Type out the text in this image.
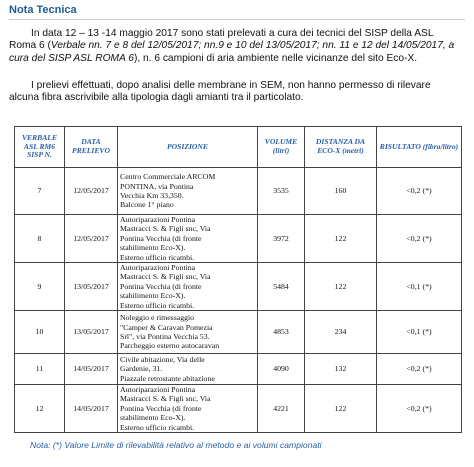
Nota Tecnica

In data 12 – 13 -14 maggio 2017 sono stati prelevati a cura dei tecnici del SISP della ASL Roma 6 (Verbale nn. 7 e 8 del 12/05/2017; nn.9 e 10 del 13/05/2017; nn. 11 e 12 del 14/05/2017, a cura del SISP ASL ROMA 6), n. 6 campioni di aria ambiente nelle vicinanze del sito Eco-X.

I prelievi effettuati, dopo analisi delle membrane in SEM, non hanno permesso di rilevare alcuna fibra ascrivibile alla tipologia dagli amianti tra il particolato.

VERBALE ASL RM6 SISP N.	DATA PRELIEVO	POSIZIONE	VOLUME (litri)	DISTANZA DA ECO-X (metri)	RISULTATO (fibra/litro)
7	12/05/2017	Centro Commerciale ARCOM
PONTINA, via Pontina
Vecchia Km 33,350.
Balcone 1° piano	3535	160	<0,2 (*)
8	12/05/2017	Autoriparazioni Pontina
Mastracci S. & Figli snc, Via
Pontina Vecchia (di fronte
stabilimento Eco-X).
Esterno ufficio ricambi.	3972	122	<0,2 (*)
9	13/05/2017	Autoriparazioni Pontina
Mastracci S. & Figli snc, Via
Pontina Vecchia (di fronte
stabilimento Eco-X).
Esterno ufficio ricambi.	5484	122	<0,1 (*)
10	13/05/2017	Noleggio e rimessaggio
"Camper & Caravan Pomezia
Srl", via Pontina Vecchia 53.
Parcheggio esterno autocaravan	4853	234	<0,1 (*)
11	14/05/2017	Civile abitazione, Via delle
Gardenie, 31.
Piazzale retrostante abitazione	4090	132	<0,2 (*)
12	14/05/2017	Autoriparazioni Pontina
Mastracci S. & Figli snc, Via
Pontina Vecchia (di fronte
stabilimento Eco-X).
Esterno ufficio ricambi.	4221	122	<0,2 (*)
Nota: (*) Valore Limite di rilevabilità relativo al metodo e ai volumi campionati
